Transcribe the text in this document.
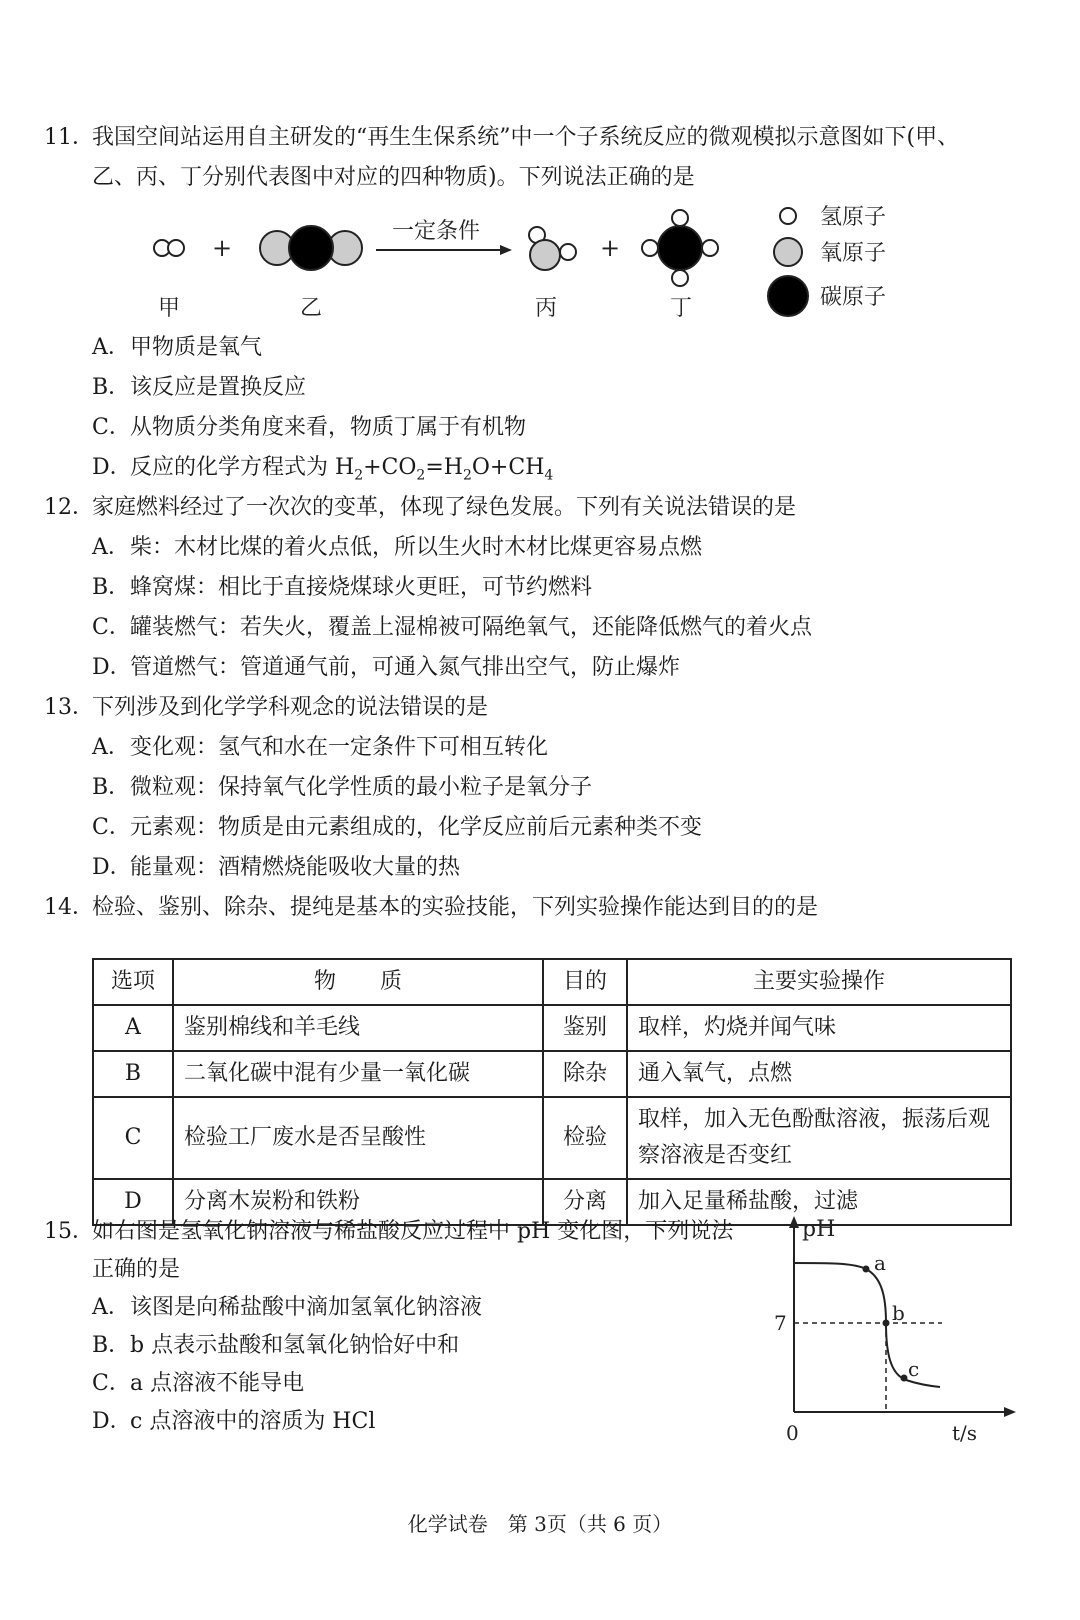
11．我国空间站运用自主研发的“再生生保系统”中一个子系统反应的微观模拟示意图如下(甲、
乙、丙、丁分别代表图中对应的四种物质)。下列说法正确的是
+
一定条件
+
甲	乙	丙	丁
氢原子
氧原子
碳原子
A．甲物质是氧气
B．该反应是置换反应
C．从物质分类角度来看，物质丁属于有机物
D．反应的化学方程式为 $H_2+CO_2=H_2O+CH_4$
12．家庭燃料经过了一次次的变革，体现了绿色发展。下列有关说法错误的是
A．柴：木材比煤的着火点低，所以生火时木材比煤更容易点燃
B．蜂窝煤：相比于直接烧煤球火更旺，可节约燃料
C．罐装燃气：若失火，覆盖上湿棉被可隔绝氧气，还能降低燃气的着火点
D．管道燃气：管道通气前，可通入氮气排出空气，防止爆炸
13．下列涉及到化学学科观念的说法错误的是
A．变化观：氢气和水在一定条件下可相互转化
B．微粒观：保持氧气化学性质的最小粒子是氧分子
C．元素观：物质是由元素组成的，化学反应前后元素种类不变
D．能量观：酒精燃烧能吸收大量的热
14．检验、鉴别、除杂、提纯是基本的实验技能，下列实验操作能达到目的的是
选项	物　　质	目的	主要实验操作
A	鉴别棉线和羊毛线	鉴别	取样，灼烧并闻气味
B	二氧化碳中混有少量一氧化碳	除杂	通入氧气，点燃
C	检验工厂废水是否呈酸性	检验	取样，加入无色酚酞溶液，振荡后观察溶液是否变红
D	分离木炭粉和铁粉	分离	加入足量稀盐酸，过滤
15．如右图是氢氧化钠溶液与稀盐酸反应过程中 pH 变化图，下列说法
正确的是
A．该图是向稀盐酸中滴加氢氧化钠溶液
B．b 点表示盐酸和氢氧化钠恰好中和
C．a 点溶液不能导电
D．c 点溶液中的溶质为 HCl
pH
t/s
0
7
a
b
c
化学试卷　第 3页（共 6 页）
